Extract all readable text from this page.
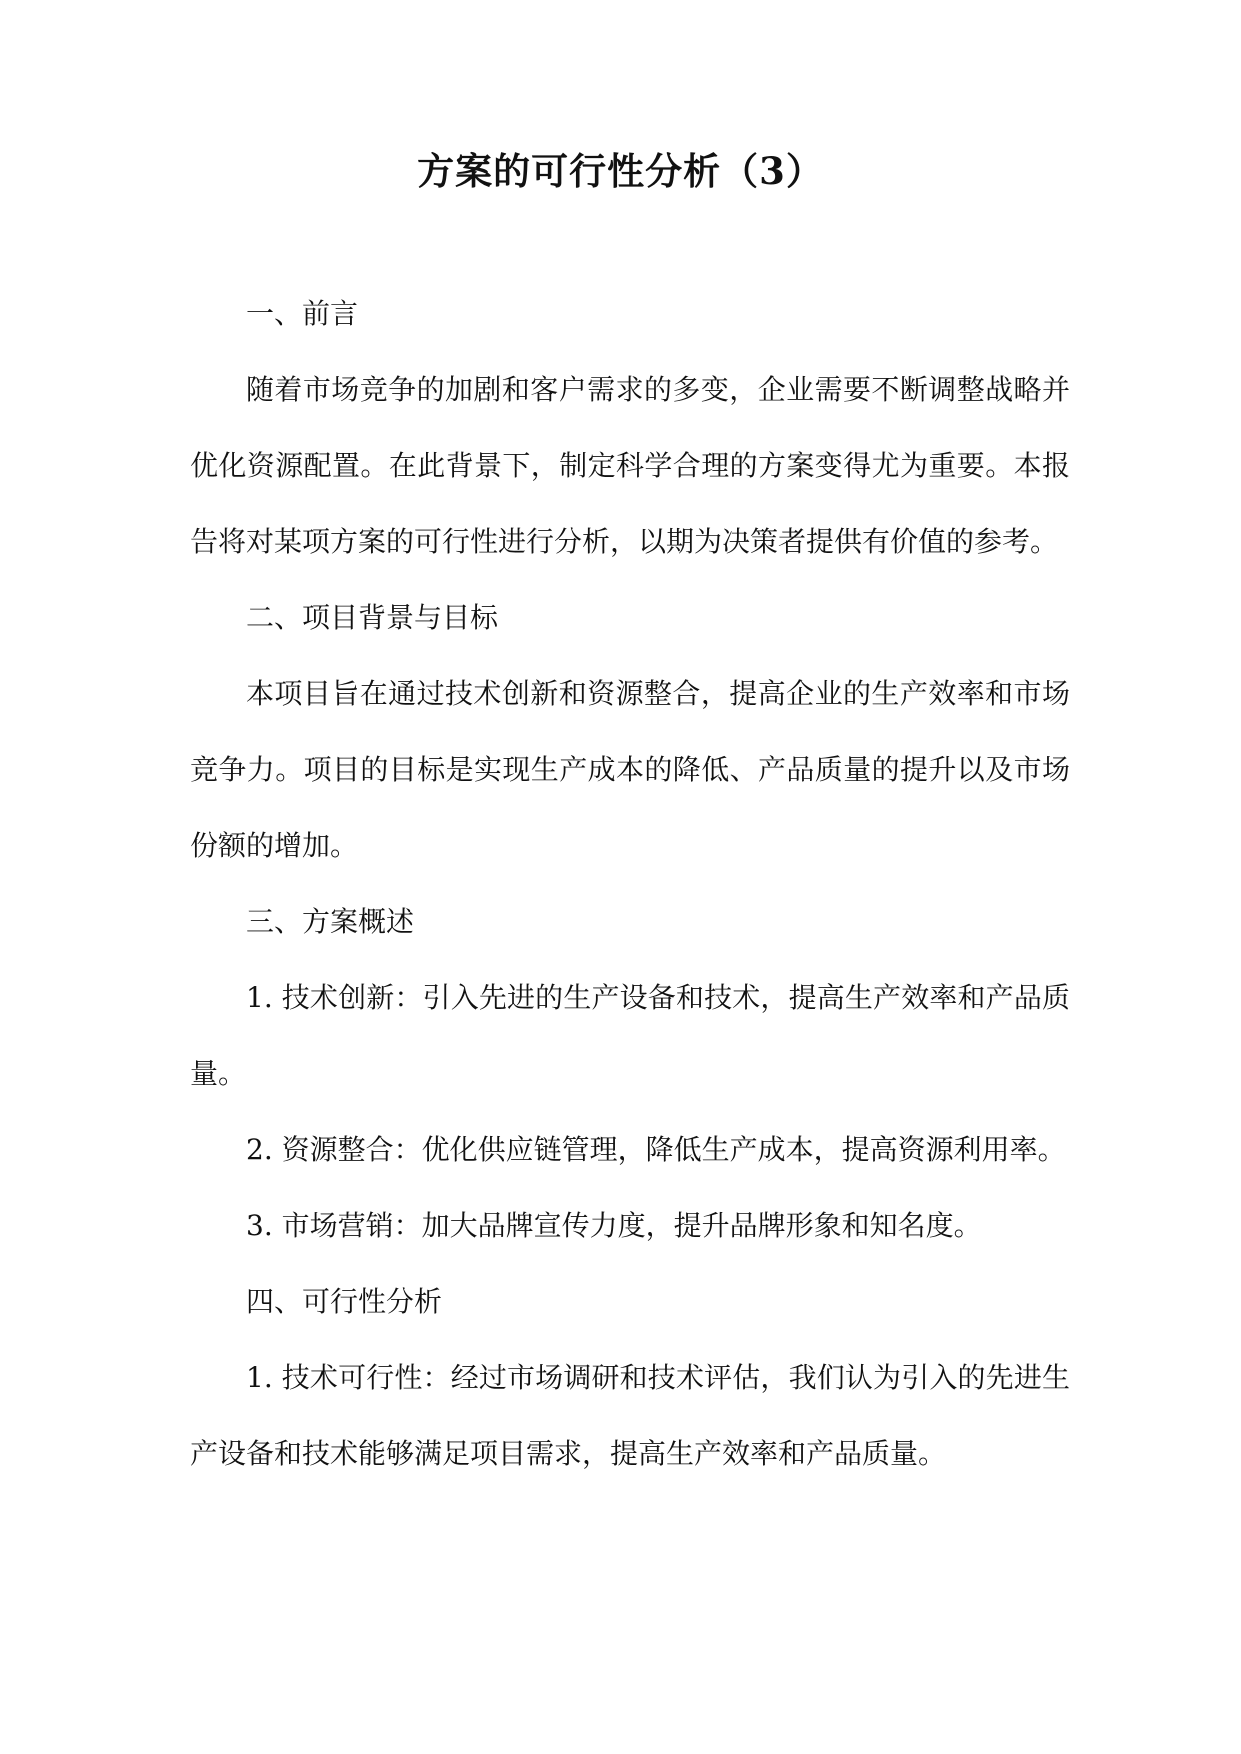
方案的可行性分析（3）

一、前言

随着市场竞争的加剧和客户需求的多变，企业需要不断调整战略并优化资源配置。在此背景下，制定科学合理的方案变得尤为重要。本报告将对某项方案的可行性进行分析，以期为决策者提供有价值的参考。

二、项目背景与目标

本项目旨在通过技术创新和资源整合，提高企业的生产效率和市场竞争力。项目的目标是实现生产成本的降低、产品质量的提升以及市场份额的增加。

三、方案概述

1. 技术创新：引入先进的生产设备和技术，提高生产效率和产品质量。

2. 资源整合：优化供应链管理，降低生产成本，提高资源利用率。

3. 市场营销：加大品牌宣传力度，提升品牌形象和知名度。

四、可行性分析

1. 技术可行性：经过市场调研和技术评估，我们认为引入的先进生产设备和技术能够满足项目需求，提高生产效率和产品质量。
